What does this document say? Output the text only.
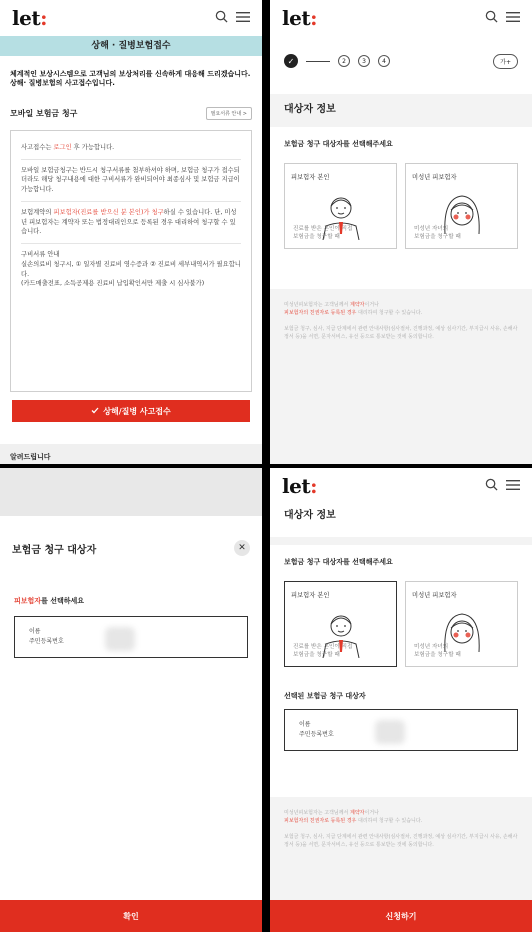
let:
상해 · 질병보험접수
체계적인 보상시스템으로 고객님의 보상처리를 신속하게 대응해 드리겠습니다.
상해· 질병보험의 사고접수입니다.
모바일 보험금 청구	필요서류 안내 >
사고접수는 로그인 후 가능합니다.
모바일 보험금청구는 반드시 청구서류를 첨부하셔야 하며, 보험금 청구가 접수되더라도 해당 청구내용에 대한 구비서류가 완비되어야 최종심사 및 보험금 지급이 가능합니다.
보험계약의 피보험자(진료를 받으신 분 본인)가 청구하실 수 있습니다. 단, 미성년 피보험자는 계약자 또는 법정대리인으로 등록된 경우 대리하여 청구할 수 있습니다.
구비서류 안내
실손의료비 청구시, ① 일자별 진료비 영수증과 ② 진료비 세부내역서가 필요합니다.
(카드매출전표, 소득공제용 진료비 납입확인서만 제출 시 심사불가)
상해/질병 사고접수
알려드립니다
let:
✓	2	3	4	가+
대상자 정보
보험금 청구 대상자를 선택해주세요
피보험자 본인
진료를 받은 본인이 직접
보험금을 청구할 때
미성년 피보험자
미성년 자녀의
보험금을 청구할 때
미성년피보험자는 고객님께서 계약자이거나
피보험자의 친권자로 등록된 경우 대리하여 청구할 수 있습니다.
보험금 청구, 심사, 지급 단계에서 관련 안내사항(심사절차, 진행과정, 예상 심사기간, 부지급시 사유, 손해사정서 등)을 서면, 문자서비스, 유선 등으로 통보받는 것에 동의합니다.
보험금 청구 대상자	✕
피보험자를 선택하세요
이름
주민등록번호
확인
let:
대상자 정보
보험금 청구 대상자를 선택해주세요
피보험자 본인
진료를 받은 본인이 직접
보험금을 청구할 때
미성년 피보험자
미성년 자녀의
보험금을 청구할 때
선택된 보험금 청구 대상자
이름
주민등록번호
미성년피보험자는 고객님께서 계약자이거나
피보험자의 친권자로 등록된 경우 대리하여 청구할 수 있습니다.
보험금 청구, 심사, 지급 단계에서 관련 안내사항(심사절차, 진행과정, 예상 심사기간, 부지급시 사유, 손해사정서 등)을 서면, 문자서비스, 유선 등으로 통보받는 것에 동의합니다.
신청하기
